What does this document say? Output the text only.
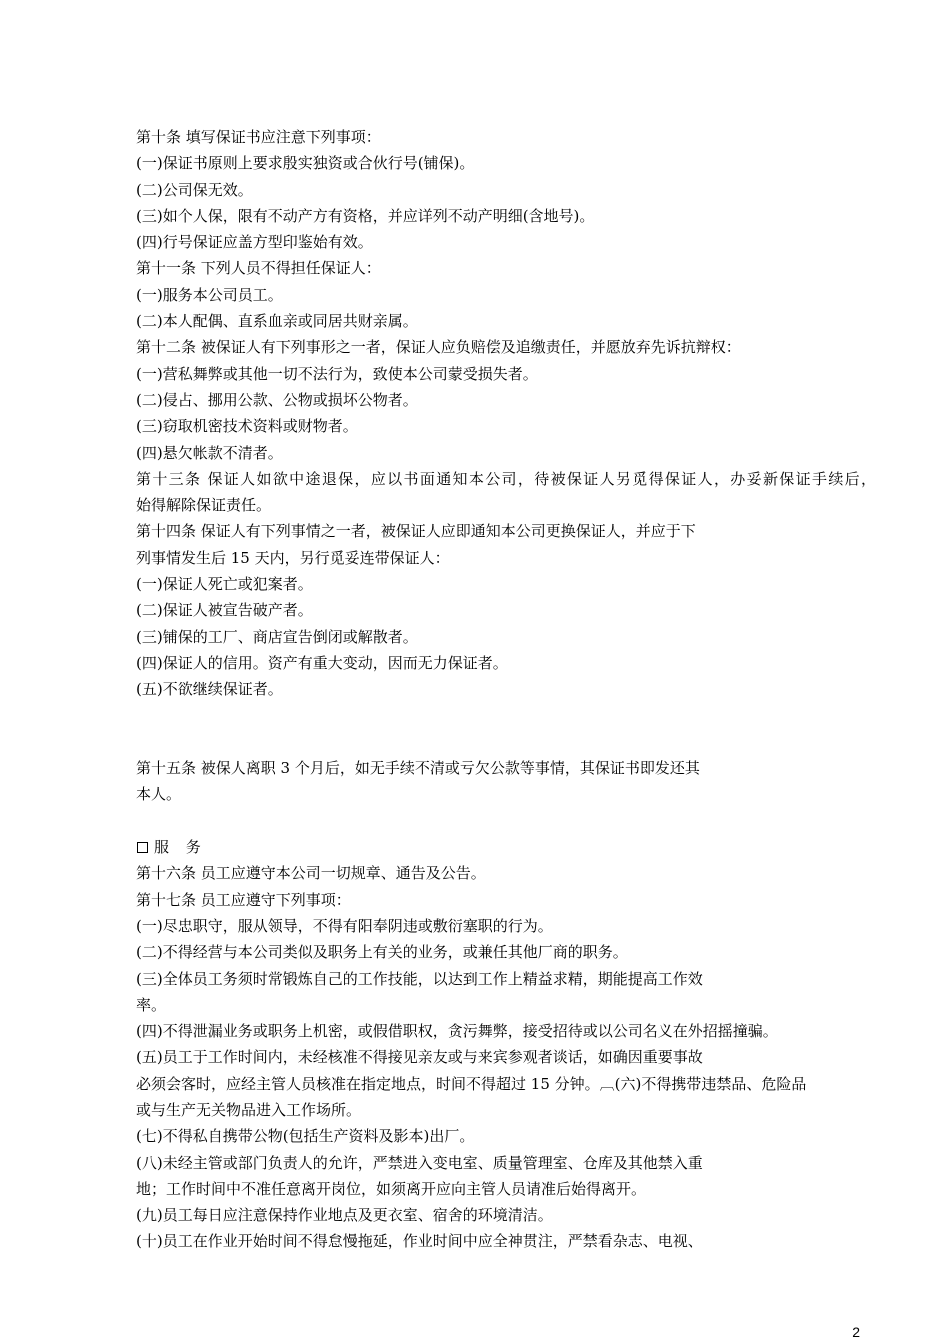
第十条 填写保证书应注意下列事项：
(一)保证书原则上要求殷实独资或合伙行号(铺保)。
(二)公司保无效。
(三)如个人保，限有不动产方有资格，并应详列不动产明细(含地号)。
(四)行号保证应盖方型印鉴始有效。
第十一条 下列人员不得担任保证人：
(一)服务本公司员工。
(二)本人配偶、直系血亲或同居共财亲属。
第十二条 被保证人有下列事形之一者，保证人应负赔偿及追缴责任，并愿放弃先诉抗辩权：
(一)营私舞弊或其他一切不法行为，致使本公司蒙受损失者。
(二)侵占、挪用公款、公物或损坏公物者。
(三)窃取机密技术资料或财物者。
(四)悬欠帐款不清者。
第十三条 保证人如欲中途退保，应以书面通知本公司，待被保证人另觅得保证人，办妥新保证手续后，
始得解除保证责任。
第十四条 保证人有下列事情之一者，被保证人应即通知本公司更换保证人，并应于下
列事情发生后 15 天内，另行觅妥连带保证人：
(一)保证人死亡或犯案者。
(二)保证人被宣告破产者。
(三)铺保的工厂、商店宣告倒闭或解散者。
(四)保证人的信用。资产有重大变动，因而无力保证者。
(五)不欲继续保证者。
第十五条 被保人离职 3 个月后，如无手续不清或亏欠公款等事情，其保证书即发还其
本人。
服 务
第十六条 员工应遵守本公司一切规章、通告及公告。
第十七条 员工应遵守下列事项：
(一)尽忠职守，服从领导，不得有阳奉阴违或敷衍塞职的行为。
(二)不得经营与本公司类似及职务上有关的业务，或兼任其他厂商的职务。
(三)全体员工务须时常锻炼自己的工作技能，以达到工作上精益求精，期能提高工作效
率。
(四)不得泄漏业务或职务上机密，或假借职权，贪污舞弊，接受招待或以公司名义在外招摇撞骗。
(五)员工于工作时间内，未经核准不得接见亲友或与来宾参观者谈话，如确因重要事故
必须会客时，应经主管人员核准在指定地点，时间不得超过 15 分钟。︹(六)不得携带违禁品、危险品
或与生产无关物品进入工作场所。
(七)不得私自携带公物(包括生产资料及影本)出厂。
(八)未经主管或部门负责人的允许，严禁进入变电室、质量管理室、仓库及其他禁入重
地；工作时间中不准任意离开岗位，如须离开应向主管人员请准后始得离开。
(九)员工每日应注意保持作业地点及更衣室、宿舍的环境清洁。
(十)员工在作业开始时间不得怠慢拖延，作业时间中应全神贯注，严禁看杂志、电视、
2
